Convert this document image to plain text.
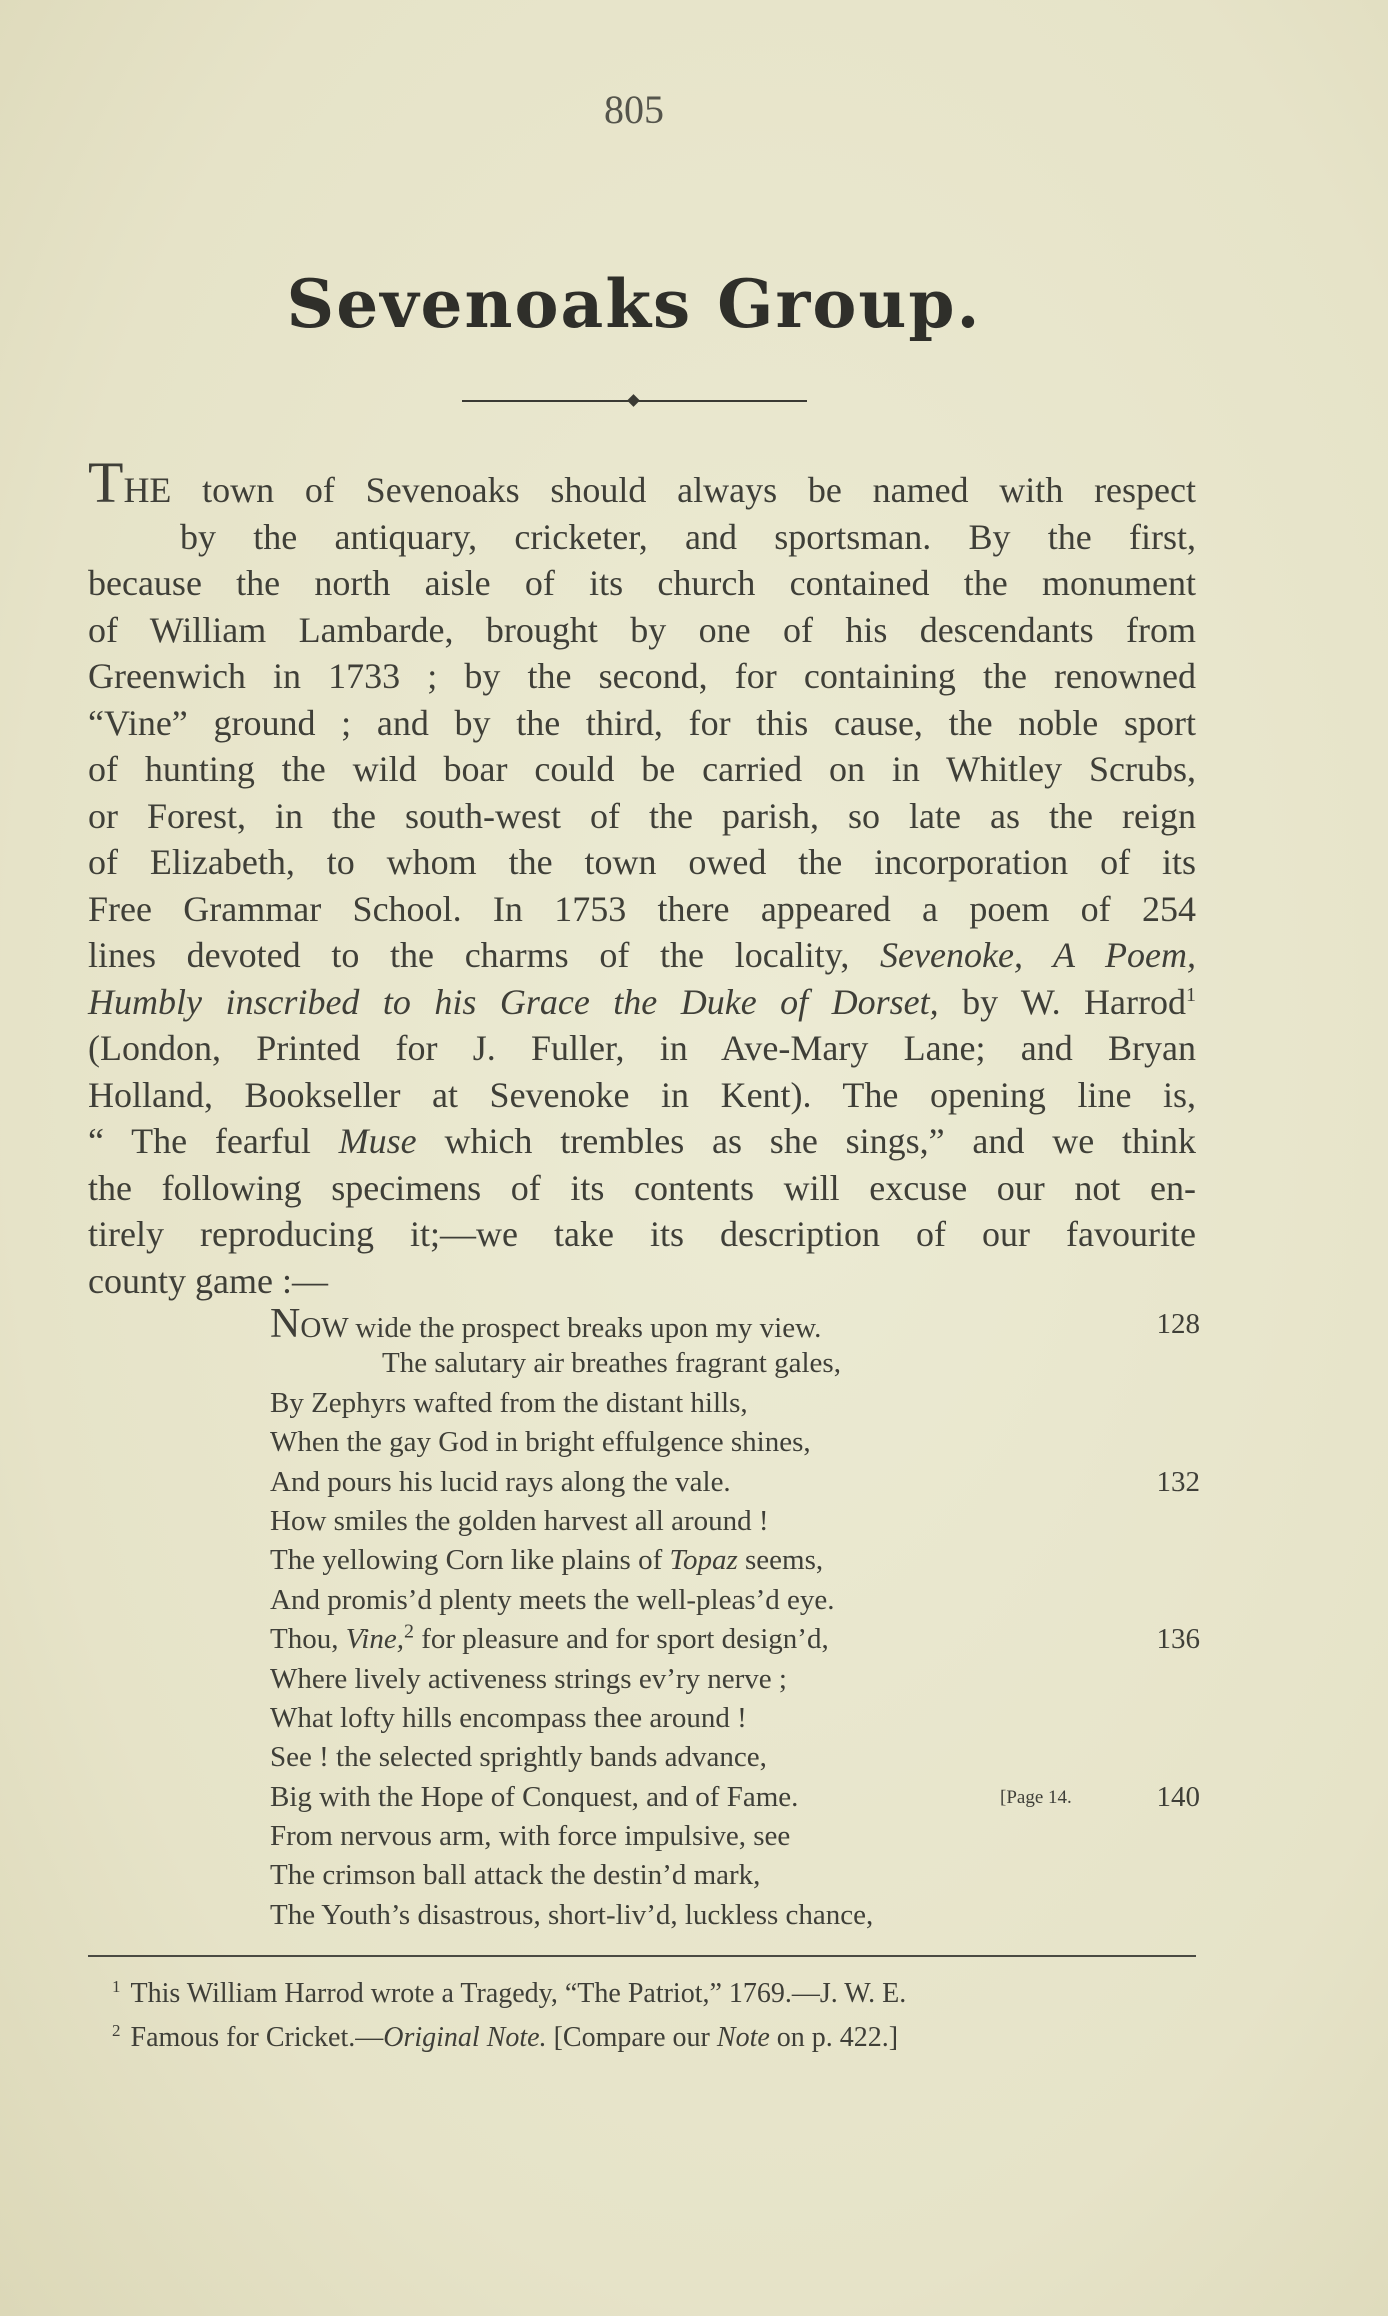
805
Sevenoaks Group.
THE town of Sevenoaks should always be named with respect
by the antiquary, cricketer, and sportsman. By the first,
because the north aisle of its church contained the monument
of William Lambarde, brought by one of his descendants from
Greenwich in 1733 ; by the second, for containing the renowned
“Vine” ground ; and by the third, for this cause, the noble sport
of hunting the wild boar could be carried on in Whitley Scrubs,
or Forest, in the south-west of the parish, so late as the reign
of Elizabeth, to whom the town owed the incorporation of its
Free Grammar School. In 1753 there appeared a poem of 254
lines devoted to the charms of the locality, Sevenoke, A Poem,
Humbly inscribed to his Grace the Duke of Dorset, by W. Harrod$^1$
(London, Printed for J. Fuller, in Ave-Mary Lane; and Bryan
Holland, Bookseller at Sevenoke in Kent). The opening line is,
“ The fearful Muse which trembles as she sings,” and we think
the following specimens of its contents will excuse our not en-
tirely reproducing it;—we take its description of our favourite
county game :—
NOW wide the prospect breaks upon my view.	128
The salutary air breathes fragrant gales,
By Zephyrs wafted from the distant hills,
When the gay God in bright effulgence shines,
And pours his lucid rays along the vale.	132
How smiles the golden harvest all around !
The yellowing Corn like plains of Topaz seems,
And promis’d plenty meets the well-pleas’d eye.
Thou, Vine,$^2$ for pleasure and for sport design’d,	136
Where lively activeness strings ev’ry nerve ;
What lofty hills encompass thee around !
See ! the selected sprightly bands advance,
Big with the Hope of Conquest, and of Fame.	[Page 14.	140
From nervous arm, with force impulsive, see
The crimson ball attack the destin’d mark,
The Youth’s disastrous, short-liv’d, luckless chance,
$^1$ This William Harrod wrote a Tragedy, “The Patriot,” 1769.—J. W. E.
$^2$ Famous for Cricket.—Original Note. [Compare our Note on p. 422.]
